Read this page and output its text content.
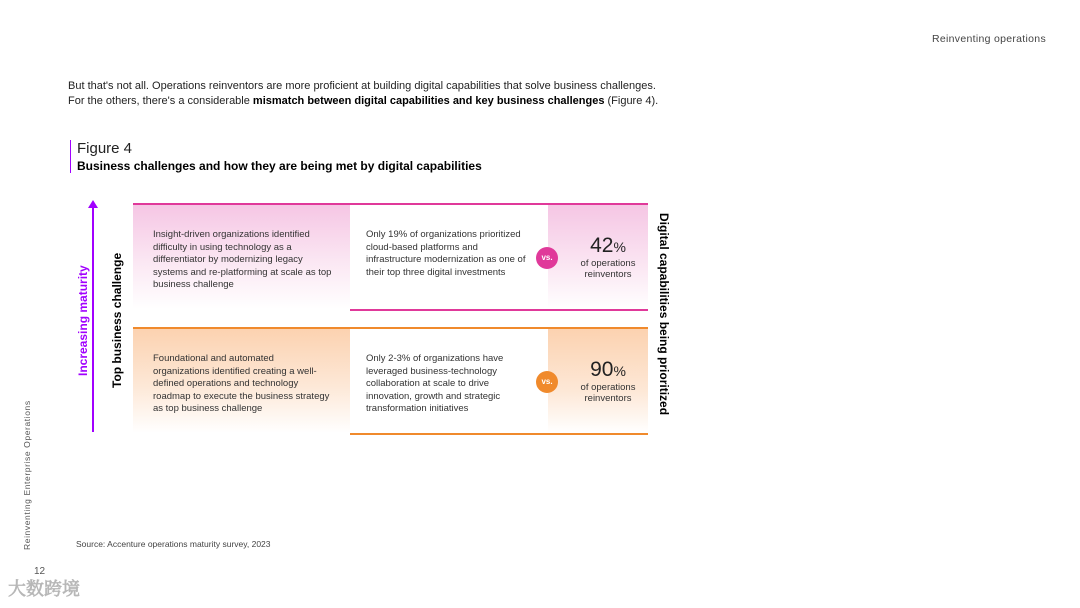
Reinventing operations
But that's not all. Operations reinventors are more proficient at building digital capabilities that solve business challenges.
For the others, there's a considerable mismatch between digital capabilities and key business challenges (Figure 4).
Figure 4
Business challenges and how they are being met by digital capabilities
Increasing maturity Top business challenge	Digital capabilities being prioritized
Insight-driven organizations identified difficulty in using technology as a differentiator by modernizing legacy systems and re-platforming at scale as top business challenge
Only 19% of organizations prioritized cloud-based platforms and infrastructure modernization as one of their top three digital investments
vs.
42%
of operations reinventors
Foundational and automated organizations identified creating a well-defined operations and technology roadmap to execute the business strategy as top business challenge
Only 2-3% of organizations have leveraged business-technology collaboration at scale to drive innovation, growth and strategic transformation initiatives
vs.
90%
of operations reinventors
Source: Accenture operations maturity survey, 2023
Reinventing Enterprise Operations
12
大数跨境
